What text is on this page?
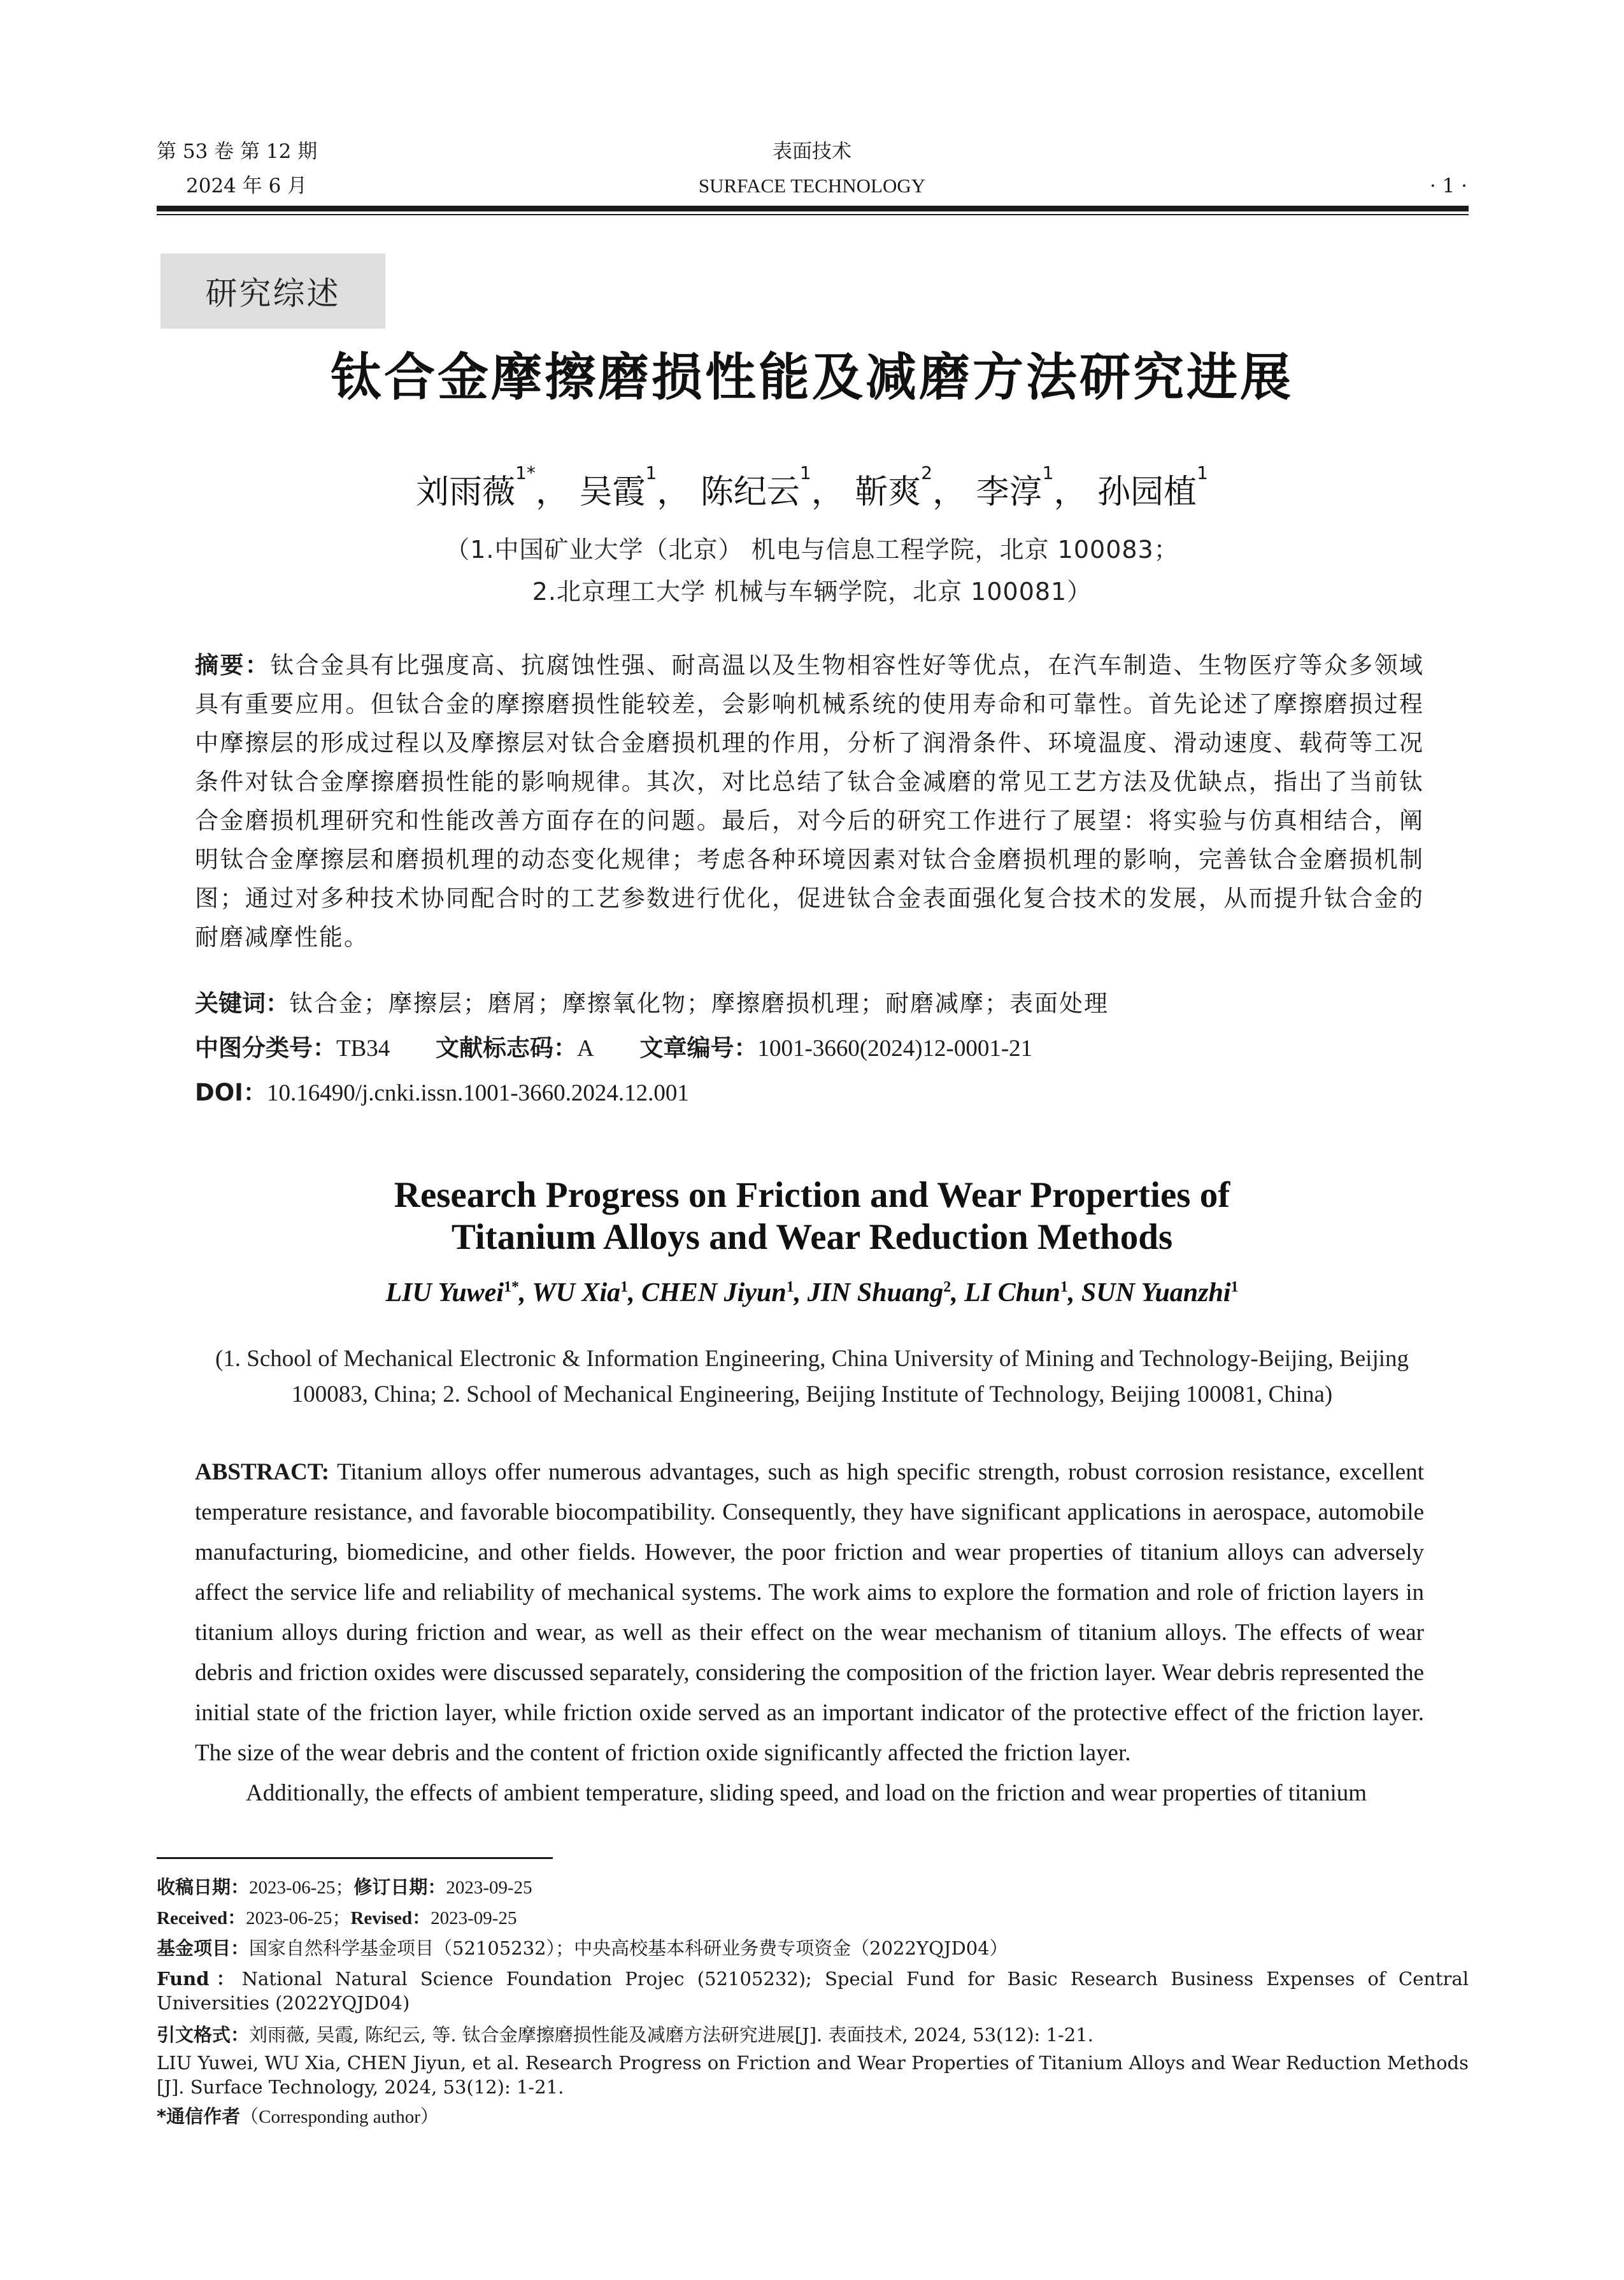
第 53 卷 第 12 期
2024 年 6 月
表面技术
SURFACE TECHNOLOGY	· 1 ·
研究综述
钛合金摩擦磨损性能及减磨方法研究进展
刘雨薇$^{1*}$， 吴霞$^1$， 陈纪云$^1$， 靳爽$^2$， 李淳$^1$， 孙园植$^1$
（1.中国矿业大学（北京） 机电与信息工程学院，北京 100083；
2.北京理工大学 机械与车辆学院，北京 100081）
摘要：钛合金具有比强度高、抗腐蚀性强、耐高温以及生物相容性好等优点，在汽车制造、生物医疗等众多领域具有重要应用。但钛合金的摩擦磨损性能较差，会影响机械系统的使用寿命和可靠性。首先论述了摩擦磨损过程中摩擦层的形成过程以及摩擦层对钛合金磨损机理的作用，分析了润滑条件、环境温度、滑动速度、载荷等工况条件对钛合金摩擦磨损性能的影响规律。其次，对比总结了钛合金减磨的常见工艺方法及优缺点，指出了当前钛合金磨损机理研究和性能改善方面存在的问题。最后，对今后的研究工作进行了展望：将实验与仿真相结合，阐明钛合金摩擦层和磨损机理的动态变化规律；考虑各种环境因素对钛合金磨损机理的影响，完善钛合金磨损机制图；通过对多种技术协同配合时的工艺参数进行优化，促进钛合金表面强化复合技术的发展，从而提升钛合金的耐磨减摩性能。
关键词：钛合金；摩擦层；磨屑；摩擦氧化物；摩擦磨损机理；耐磨减摩；表面处理
中图分类号：TB34 文献标志码：A 文章编号：1001-3660(2024)12-0001-21
DOI：10.16490/j.cnki.issn.1001-3660.2024.12.001
Research Progress on Friction and Wear Properties of
Titanium Alloys and Wear Reduction Methods
LIU Yuwei$^{1*}$, WU Xia$^1$, CHEN Jiyun$^1$, JIN Shuang$^2$, LI Chun$^1$, SUN Yuanzhi$^1$
(1. School of Mechanical Electronic & Information Engineering, China University of Mining and Technology-Beijing, Beijing 100083, China; 2. School of Mechanical Engineering, Beijing Institute of Technology, Beijing 100081, China)

ABSTRACT: Titanium alloys offer numerous advantages, such as high specific strength, robust corrosion resistance, excellent temperature resistance, and favorable biocompatibility. Consequently, they have significant applications in aerospace, automobile manufacturing, biomedicine, and other fields. However, the poor friction and wear properties of titanium alloys can adversely affect the service life and reliability of mechanical systems. The work aims to explore the formation and role of friction layers in titanium alloys during friction and wear, as well as their effect on the wear mechanism of titanium alloys. The effects of wear debris and friction oxides were discussed separately, considering the composition of the friction layer. Wear debris represented the initial state of the friction layer, while friction oxide served as an important indicator of the protective effect of the friction layer. The size of the wear debris and the content of friction oxide significantly affected the friction layer.

Additionally, the effects of ambient temperature, sliding speed, and load on the friction and wear properties of titanium

收稿日期：2023-06-25；修订日期：2023-09-25
Received：2023-06-25；Revised：2023-09-25
基金项目：国家自然科学基金项目（52105232）；中央高校基本科研业务费专项资金（2022YQJD04）
Fund：National Natural Science Foundation Projec (52105232); Special Fund for Basic Research Business Expenses of Central Universities (2022YQJD04)
引文格式：刘雨薇, 吴霞, 陈纪云, 等. 钛合金摩擦磨损性能及减磨方法研究进展[J]. 表面技术, 2024, 53(12): 1-21.
LIU Yuwei, WU Xia, CHEN Jiyun, et al. Research Progress on Friction and Wear Properties of Titanium Alloys and Wear Reduction Methods [J]. Surface Technology, 2024, 53(12): 1-21.
*通信作者（Corresponding author）
